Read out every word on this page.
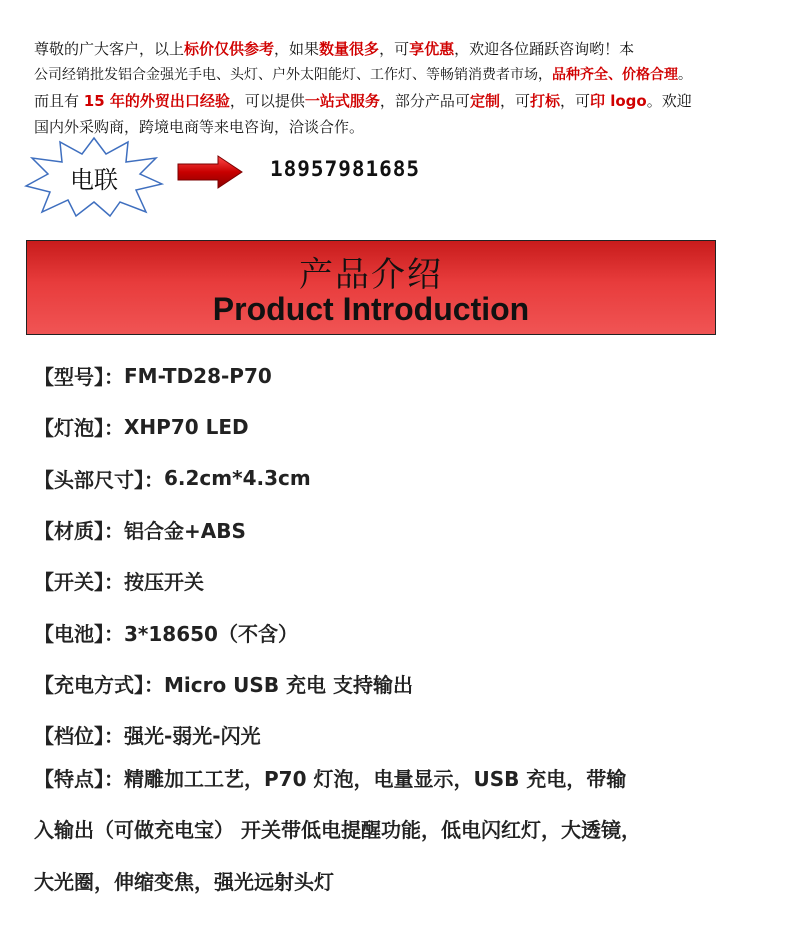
尊敬的广大客户，以上标价仅供参考，如果数量很多，可享优惠，欢迎各位踊跃咨询哟！本
公司经销批发铝合金强光手电、头灯、户外太阳能灯、工作灯、等畅销消费者市场，品种齐全、价格合理。
而且有 15 年的外贸出口经验，可以提供一站式服务，部分产品可定制，可打标，可印 logo。欢迎
国内外采购商，跨境电商等来电咨询，洽谈合作。
电联	18957981685
产品介绍
Product Introduction
【型号】： FM-TD28-P70
【灯泡】： XHP70 LED
【头部尺寸】： 6.2cm*4.3cm
【材质】： 铝合金+ABS
【开关】： 按压开关
【电池】： 3*18650（不含）
【充电方式】： Micro USB 充电 支持输出
【档位】： 强光-弱光-闪光
【特点】：精雕加工工艺，P70 灯泡，电量显示，USB 充电，带输
入输出（可做充电宝） 开关带低电提醒功能，低电闪红灯，大透镜，
大光圈，伸缩变焦，强光远射头灯
